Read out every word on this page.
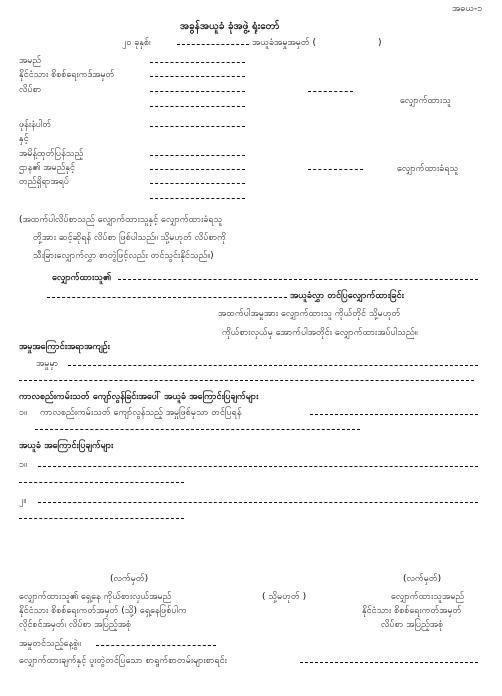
အဓယ-၁
အခွန်အယူခံ ခုံအဖွဲ့ ရုံးတော်
၂၀ ခုနှစ်၊	အယူခံအမှုအမှတ် (	)
အမည်
နိုင်ငံသား စိစစ်ရေးကဒ်အမှတ်
လိပ်စာ
လျှောက်ထားသူ
ဖုန်းနံပါတ်
နှင့်
အမိန့်ထုတ်ပြန်သည့်
ဌာန၏ အမည်နှင့်	လျှောက်ထားခံရသူ
တည်ရှိရာအရပ်
(အထက်ပါလိပ်စာသည် လျှောက်ထားသူနှင့် လျှောက်ထားခံရသူ
တို့အား ဆင့်ဆိုရန် လိပ်စာ ဖြစ်ပါသည်။ သို့မဟုတ် လိပ်စာကို
သီးခြားလျှောက်လွှာ စာတွဲဖြင့်လည်း တင်သွင်းနိုင်သည်။)
လျှောက်ထားသူ၏
အယူခံလွှာ တင်ပြလျှောက်ထားခြင်း
အထက်ပါအမှုအား လျှောက်ထားသူ ကိုယ်တိုင် သို့မဟုတ်
ကိုယ်စားလှယ်မှ အောက်ပါအတိုင်း လျှောက်ထားအပ်ပါသည်။
အမှုအကြောင်းအရာအကျဉ်း
အမှုမှာ
ကာလစည်းကမ်းသတ် ကျော်လွန်ခြင်းအပေါ် အယူခံ အကြောင်းပြချက်များ
၁။ ကာလစည်းကမ်းသတ် ကျော်လွန်သည့် အမှုဖြစ်မှသာ တင်ပြရန်
အယူခံ အကြောင်းပြချက်များ
၁။
၂။
(လက်မှတ်)	(လက်မှတ်)
လျှောက်ထားသူ၏ ရှေ့နေ ကိုယ်စားလှယ်အမည်	( သို့မဟုတ် )	လျှောက်ထားသူအမည်
နိုင်ငံသား စိစစ်ရေးကတ်အမှတ် (သို့) ရှေ့နေဖြစ်ပါက	နိုင်ငံသား စိစစ်ရေးကတ်အမှတ်
လိုင်စင်အမှတ်၊ လိပ်စာ အပြည့်အစုံ	လိပ်စာ အပြည့်အစုံ
အမှုတင်သည့်နေ့စွဲ။
လျှောက်ထားချက်နှင့် ပူးတွဲတင်ပြသော စာရွက်စာတမ်းများစာရင်း
